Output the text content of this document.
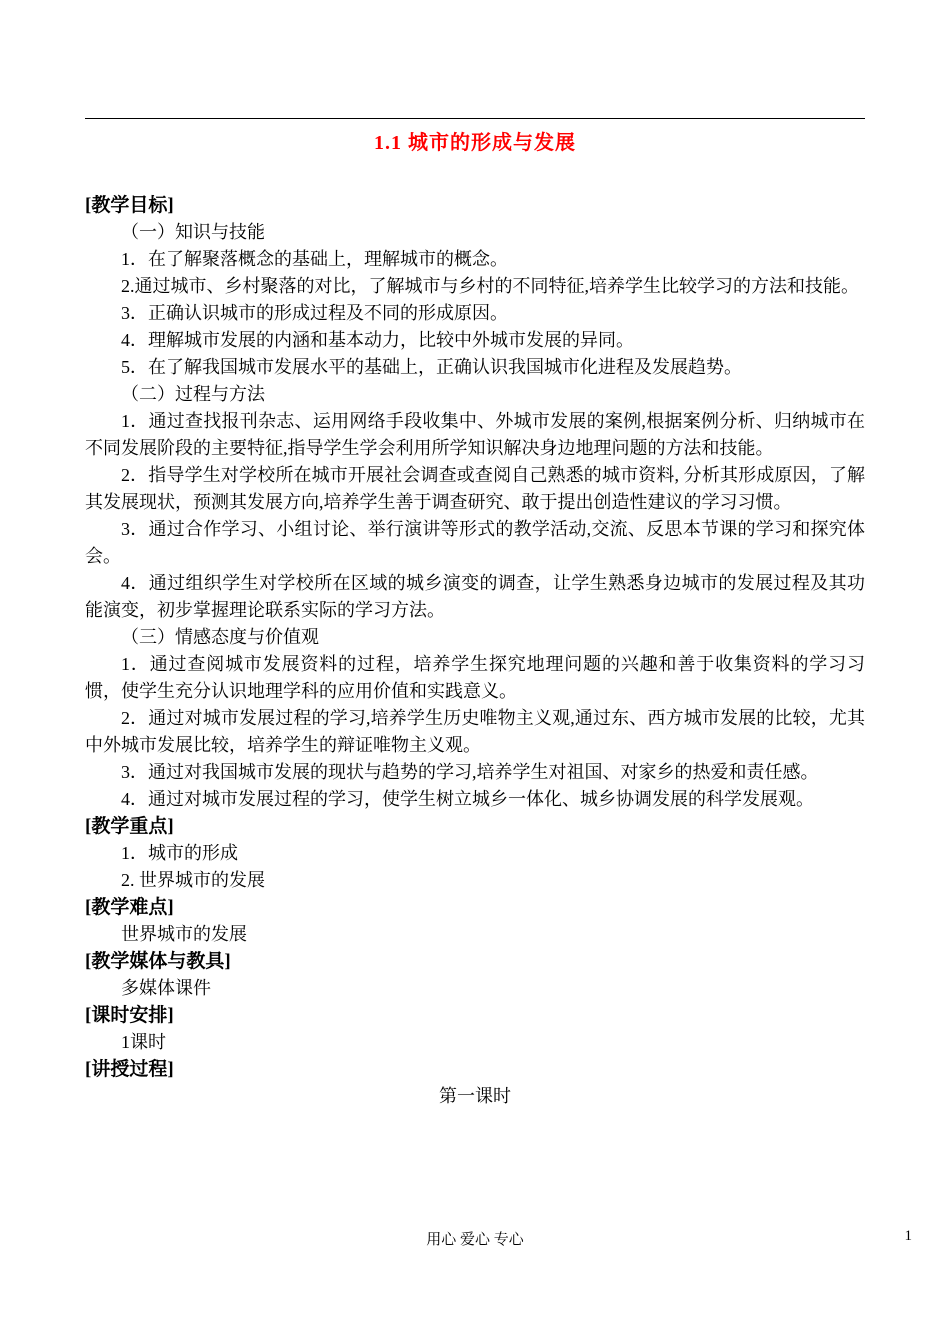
1.1 城市的形成与发展

[教学目标]

（一）知识与技能

1．在了解聚落概念的基础上，理解城市的概念。

2.通过城市、乡村聚落的对比，了解城市与乡村的不同特征,培养学生比较学习的方法和技能。

3．正确认识城市的形成过程及不同的形成原因。

4．理解城市发展的内涵和基本动力，比较中外城市发展的异同。

5．在了解我国城市发展水平的基础上，正确认识我国城市化进程及发展趋势。

（二）过程与方法

1．通过查找报刊杂志、运用网络手段收集中、外城市发展的案例,根据案例分析、归纳城市在不同发展阶段的主要特征,指导学生学会利用所学知识解决身边地理问题的方法和技能。

2．指导学生对学校所在城市开展社会调查或查阅自己熟悉的城市资料, 分析其形成原因，了解其发展现状，预测其发展方向,培养学生善于调查研究、敢于提出创造性建议的学习习惯。

3．通过合作学习、小组讨论、举行演讲等形式的教学活动,交流、反思本节课的学习和探究体会。

4．通过组织学生对学校所在区域的城乡演变的调查，让学生熟悉身边城市的发展过程及其功能演变，初步掌握理论联系实际的学习方法。

（三）情感态度与价值观

1．通过查阅城市发展资料的过程，培养学生探究地理问题的兴趣和善于收集资料的学习习惯，使学生充分认识地理学科的应用价值和实践意义。

2．通过对城市发展过程的学习,培养学生历史唯物主义观,通过东、西方城市发展的比较，尤其中外城市发展比较，培养学生的辩证唯物主义观。

3．通过对我国城市发展的现状与趋势的学习,培养学生对祖国、对家乡的热爱和责任感。

4．通过对城市发展过程的学习，使学生树立城乡一体化、城乡协调发展的科学发展观。

[教学重点]

1．城市的形成

2. 世界城市的发展

[教学难点]

世界城市的发展

[教学媒体与教具]

多媒体课件

[课时安排]

1课时

[讲授过程]

第一课时

用心 爱心 专心	1
